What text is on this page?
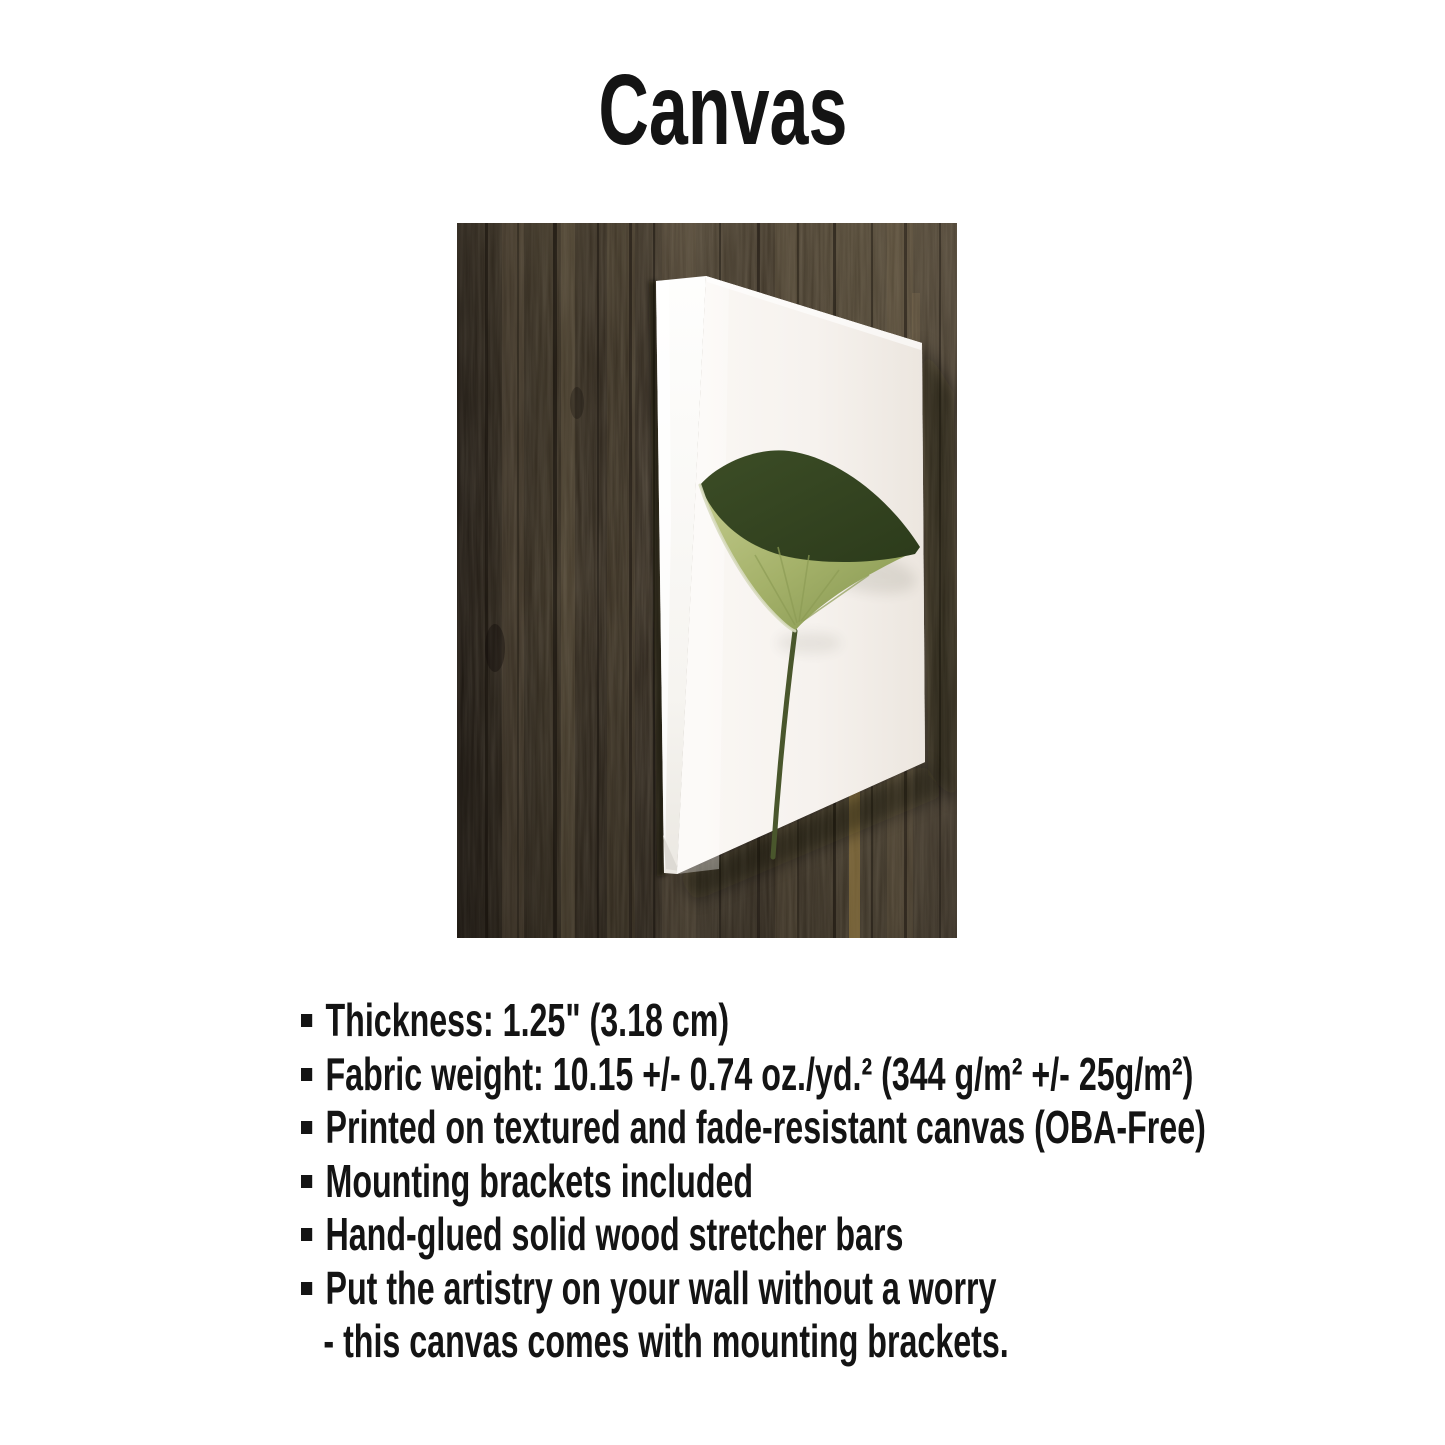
Canvas
Thickness: 1.25" (3.18 cm)
Fabric weight: 10.15 +/- 0.74 oz./yd.² (344 g/m² +/- 25g/m²)
Printed on textured and fade-resistant canvas (OBA-Free)
Mounting brackets included
Hand-glued solid wood stretcher bars
Put the artistry on your wall without a worry
- this canvas comes with mounting brackets.
